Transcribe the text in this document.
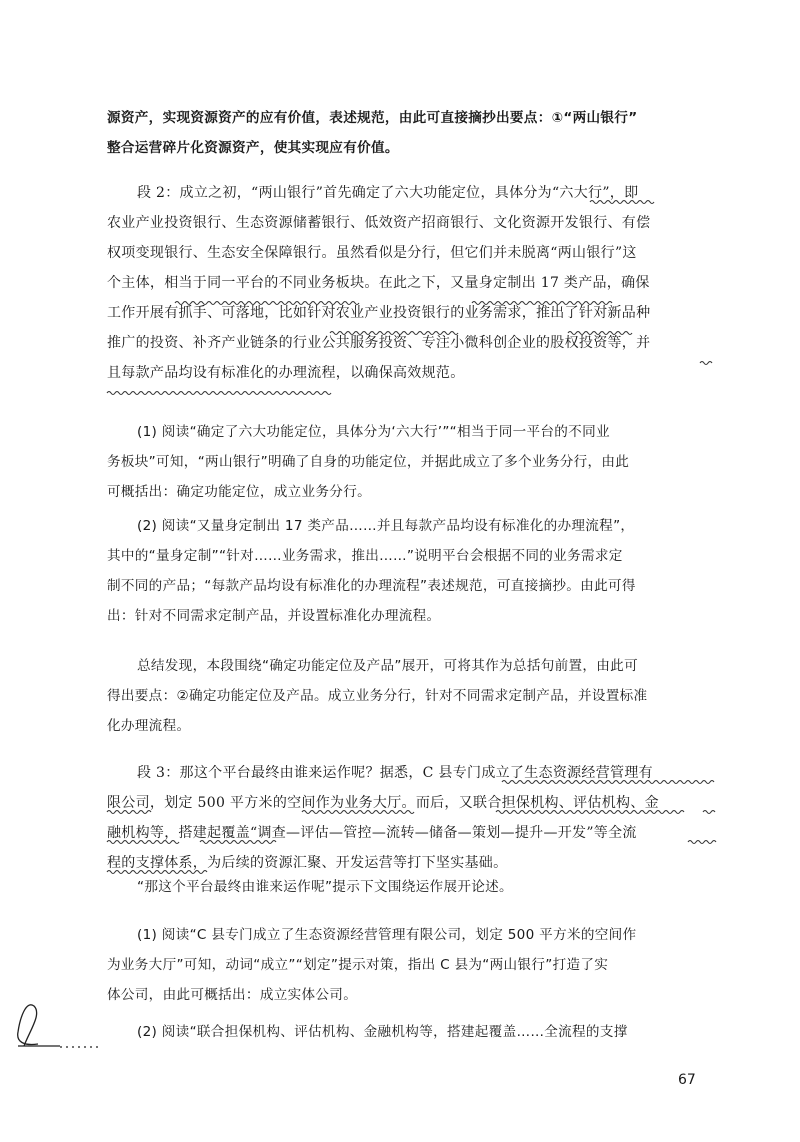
源资产，实现资源资产的应有价值，表述规范，由此可直接摘抄出要点：①“两山银行”
整合运营碎片化资源资产，使其实现应有价值。
段 2：成立之初，“两山银行”首先确定了六大功能定位，具体分为“六大行”，即
农业产业投资银行、生态资源储蓄银行、低效资产招商银行、文化资源开发银行、有偿
权项变现银行、生态安全保障银行。虽然看似是分行，但它们并未脱离“两山银行”这
个主体，相当于同一平台的不同业务板块。在此之下，又量身定制出 17 类产品，确保
工作开展有抓手、可落地，比如针对农业产业投资银行的业务需求，推出了针对新品种
推广的投资、补齐产业链条的行业公共服务投资、专注小微科创企业的股权投资等，并
且每款产品均设有标准化的办理流程，以确保高效规范。
(1) 阅读“确定了六大功能定位，具体分为‘六大行’”“相当于同一平台的不同业
务板块”可知，“两山银行”明确了自身的功能定位，并据此成立了多个业务分行，由此
可概括出：确定功能定位，成立业务分行。
(2) 阅读“又量身定制出 17 类产品……并且每款产品均设有标准化的办理流程”，
其中的“量身定制”“针对……业务需求，推出……”说明平台会根据不同的业务需求定
制不同的产品；“每款产品均设有标准化的办理流程”表述规范，可直接摘抄。由此可得
出：针对不同需求定制产品，并设置标准化办理流程。
总结发现，本段围绕“确定功能定位及产品”展开，可将其作为总括句前置，由此可
得出要点：②确定功能定位及产品。成立业务分行，针对不同需求定制产品，并设置标准
化办理流程。
段 3：那这个平台最终由谁来运作呢？据悉，C 县专门成立了生态资源经营管理有
限公司，划定 500 平方米的空间作为业务大厅。而后，又联合担保机构、评估机构、金
融机构等，搭建起覆盖“调查—评估—管控—流转—储备—策划—提升—开发”等全流
程的支撑体系，为后续的资源汇聚、开发运营等打下坚实基础。
“那这个平台最终由谁来运作呢”提示下文围绕运作展开论述。
(1) 阅读“C 县专门成立了生态资源经营管理有限公司，划定 500 平方米的空间作
为业务大厅”可知，动词“成立”“划定”提示对策，指出 C 县为“两山银行”打造了实
体公司，由此可概括出：成立实体公司。
(2) 阅读“联合担保机构、评估机构、金融机构等，搭建起覆盖……全流程的支撑
67
